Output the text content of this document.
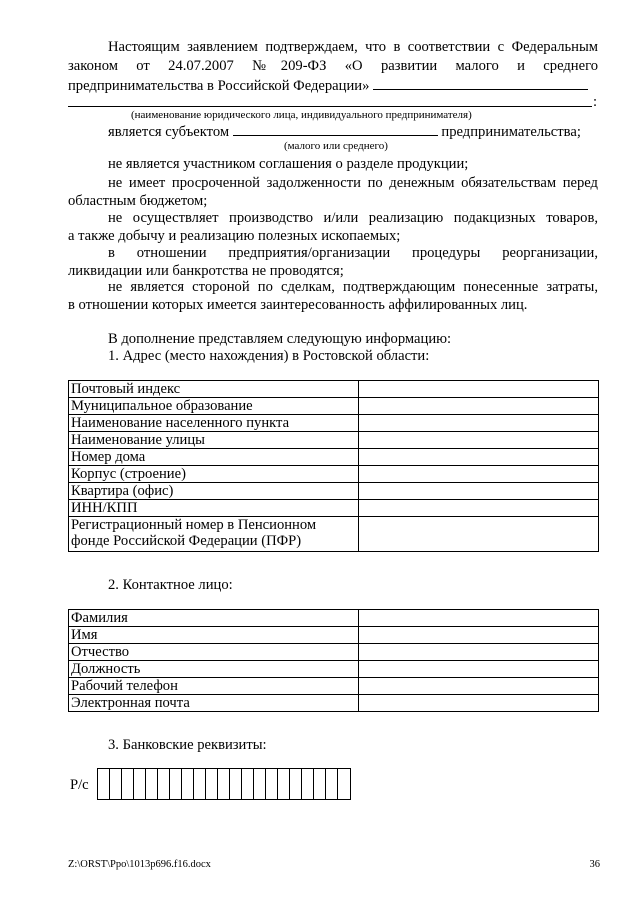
Настоящим заявлением подтверждаем, что в соответствии с Федеральным
законом от 24.07.2007 №209-ФЗ «О развитии малого и среднего
предпринимательства в Российской Федерации»
:
(наименование юридического лица, индивидуального предпринимателя)
является субъектом	предпринимательства;
(малого или среднего)
не является участником соглашения о разделе продукции;
не имеет просроченной задолженности по денежным обязательствам перед
областным бюджетом;
не осуществляет производство и/или реализацию подакцизных товаров,
а также добычу и реализацию полезных ископаемых;
в отношении предприятия/организации процедуры реорганизации,
ликвидации или банкротства не проводятся;
не является стороной по сделкам, подтверждающим понесенные затраты,
в отношении которых имеется заинтересованность аффилированных лиц.
В дополнение представляем следующую информацию:
1. Адрес (место нахождения) в Ростовской области:
Почтовый индекс	
Муниципальное образование	
Наименование населенного пункта	
Наименование улицы	
Номер дома	
Корпус (строение)	
Квартира (офис)	
ИНН/КПП	
Регистрационный номер в Пенсионном
фонде Российской Федерации (ПФР)	
2. Контактное лицо:
Фамилия	
Имя	
Отчество	
Должность	
Рабочий телефон	
Электронная почта	
3. Банковские реквизиты:
Р/с
Z:\ORST\Ppo\1013p696.f16.docx	36
